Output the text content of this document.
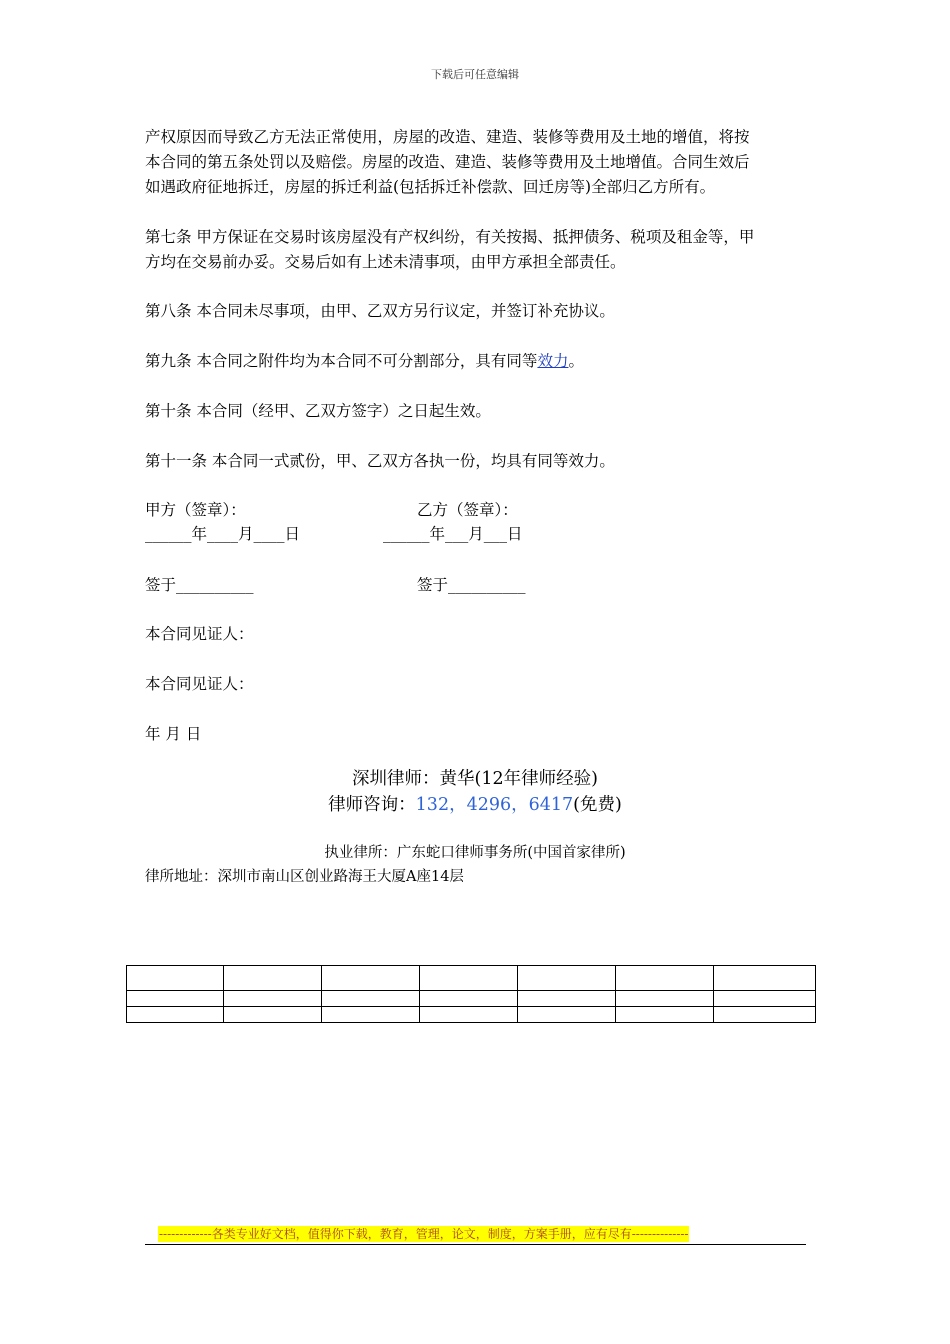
下载后可任意编辑
产权原因而导致乙方无法正常使用，房屋的改造、建造、装修等费用及土地的增值，将按
本合同的第五条处罚以及赔偿。房屋的改造、建造、装修等费用及土地增值。合同生效后
如遇政府征地拆迁，房屋的拆迁利益(包括拆迁补偿款、回迁房等)全部归乙方所有。
第七条 甲方保证在交易时该房屋没有产权纠纷，有关按揭、抵押债务、税项及租金等，甲
方均在交易前办妥。交易后如有上述未清事项，由甲方承担全部责任。
第八条 本合同未尽事项，由甲、乙双方另行议定，并签订补充协议。
第九条 本合同之附件均为本合同不可分割部分，具有同等效力。
第十条 本合同（经甲、乙双方签字）之日起生效。
第十一条 本合同一式贰份，甲、乙双方各执一份，均具有同等效力。
甲方（签章）：	乙方（签章）：
______年____月____日	______年___月___日
签于__________	签于__________
本合同见证人：
本合同见证人：
年 月 日
深圳律师：黄华(12年律师经验)
律师咨询：132，4296，6417(免费)
执业律所：广东蛇口律师事务所(中国首家律所)
律所地址：深圳市南山区创业路海王大厦A座14层

-------------各类专业好文档，值得你下载，教育，管理，论文，制度，方案手册，应有尽有--------------
